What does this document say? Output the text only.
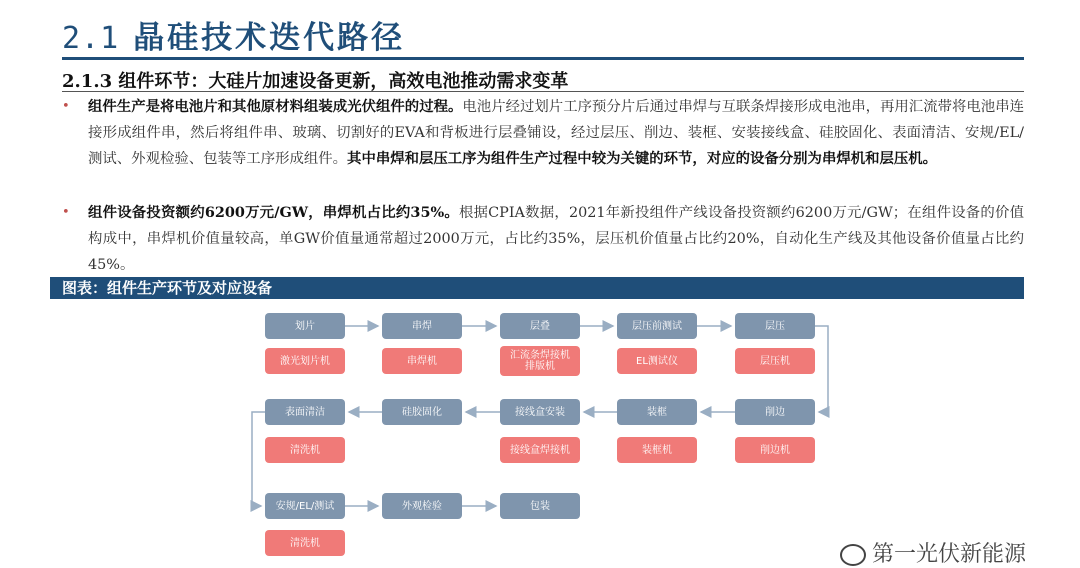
2.1 晶硅技术迭代路径
2.1.3 组件环节：大硅片加速设备更新，高效电池推动需求变革
• 组件生产是将电池片和其他原材料组装成光伏组件的过程。电池片经过划片工序预分片后通过串焊与互联条焊接形成电池串，再用汇流带将电池串连接形成组件串，然后将组件串、玻璃、切割好的EVA和背板进行层叠铺设，经过层压、削边、装框、安装接线盒、硅胶固化、表面清洁、安规/EL/测试、外观检验、包装等工序形成组件。其中串焊和层压工序为组件生产过程中较为关键的环节，对应的设备分别为串焊机和层压机。
• 组件设备投资额约6200万元/GW，串焊机占比约35%。根据CPIA数据，2021年新投组件产线设备投资额约6200万元/GW；在组件设备的价值构成中，串焊机价值量较高，单GW价值量通常超过2000万元，占比约35%，层压机价值量占比约20%，自动化生产线及其他设备价值量占比约45%。
图表：组件生产环节及对应设备
划片	串焊	层叠	层压前测试	层压
激光划片机	串焊机	汇流条焊接机
排版机	EL测试仪	层压机
表面清洁	硅胶固化	接线盒安装	装框	削边
清洗机	接线盒焊接机	装框机	削边机
安规/EL/测试	外观检验	包装
清洗机	第一光伏新能源
